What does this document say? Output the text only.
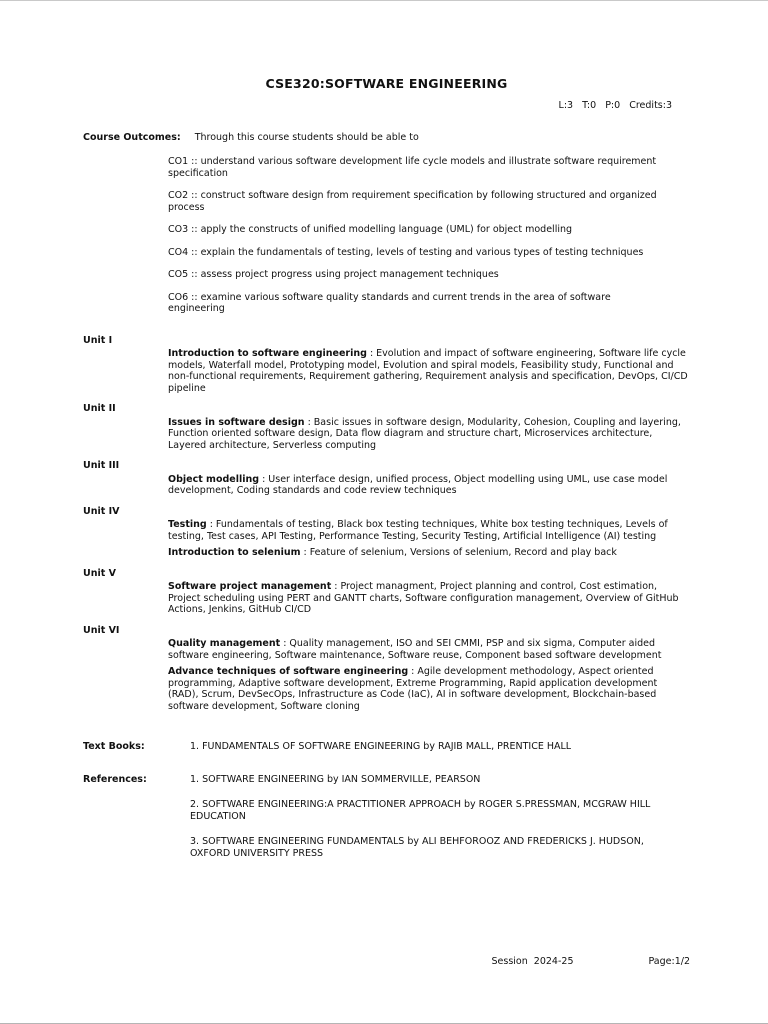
CSE320:SOFTWARE ENGINEERING
L:3   T:0   P:0   Credits:3
Course Outcomes: Through this course students should be able to

CO1 :: understand various software development life cycle models and illustrate software requirement specification

CO2 :: construct software design from requirement specification by following structured and organized process

CO3 :: apply the constructs of unified modelling language (UML) for object modelling

CO4 :: explain the fundamentals of testing, levels of testing and various types of testing techniques

CO5 :: assess project progress using project management techniques

CO6 :: examine various software quality standards and current trends in the area of software engineering

Unit I

Introduction to software engineering : Evolution and impact of software engineering, Software life cycle models, Waterfall model, Prototyping model, Evolution and spiral models, Feasibility study, Functional and non-functional requirements, Requirement gathering, Requirement analysis and specification, DevOps, CI/CD pipeline

Unit II

Issues in software design : Basic issues in software design, Modularity, Cohesion, Coupling and layering, Function oriented software design, Data flow diagram and structure chart, Microservices architecture, Layered architecture, Serverless computing

Unit III

Object modelling : User interface design, unified process, Object modelling using UML, use case model development, Coding standards and code review techniques

Unit IV

Testing : Fundamentals of testing, Black box testing techniques, White box testing techniques, Levels of testing, Test cases, API Testing, Performance Testing, Security Testing, Artificial Intelligence (AI) testing

Introduction to selenium : Feature of selenium, Versions of selenium, Record and play back

Unit V

Software project management : Project managment, Project planning and control, Cost estimation, Project scheduling using PERT and GANTT charts, Software configuration management, Overview of GitHub Actions, Jenkins, GitHub CI/CD

Unit VI

Quality management : Quality management, ISO and SEI CMMI, PSP and six sigma, Computer aided software engineering, Software maintenance, Software reuse, Component based software development

Advance techniques of software engineering : Agile development methodology, Aspect oriented programming, Adaptive software development, Extreme Programming, Rapid application development (RAD), Scrum, DevSecOps, Infrastructure as Code (IaC), AI in software development, Blockchain-based software development, Software cloning

Text Books:	1. FUNDAMENTALS OF SOFTWARE ENGINEERING by RAJIB MALL, PRENTICE HALL

References:	1. SOFTWARE ENGINEERING by IAN SOMMERVILLE, PEARSON

2. SOFTWARE ENGINEERING:A PRACTITIONER APPROACH by ROGER S.PRESSMAN, MCGRAW HILL EDUCATION

3. SOFTWARE ENGINEERING FUNDAMENTALS by ALI BEHFOROOZ AND FREDERICKS J. HUDSON, OXFORD UNIVERSITY PRESS

Session  2024-25	Page:1/2
